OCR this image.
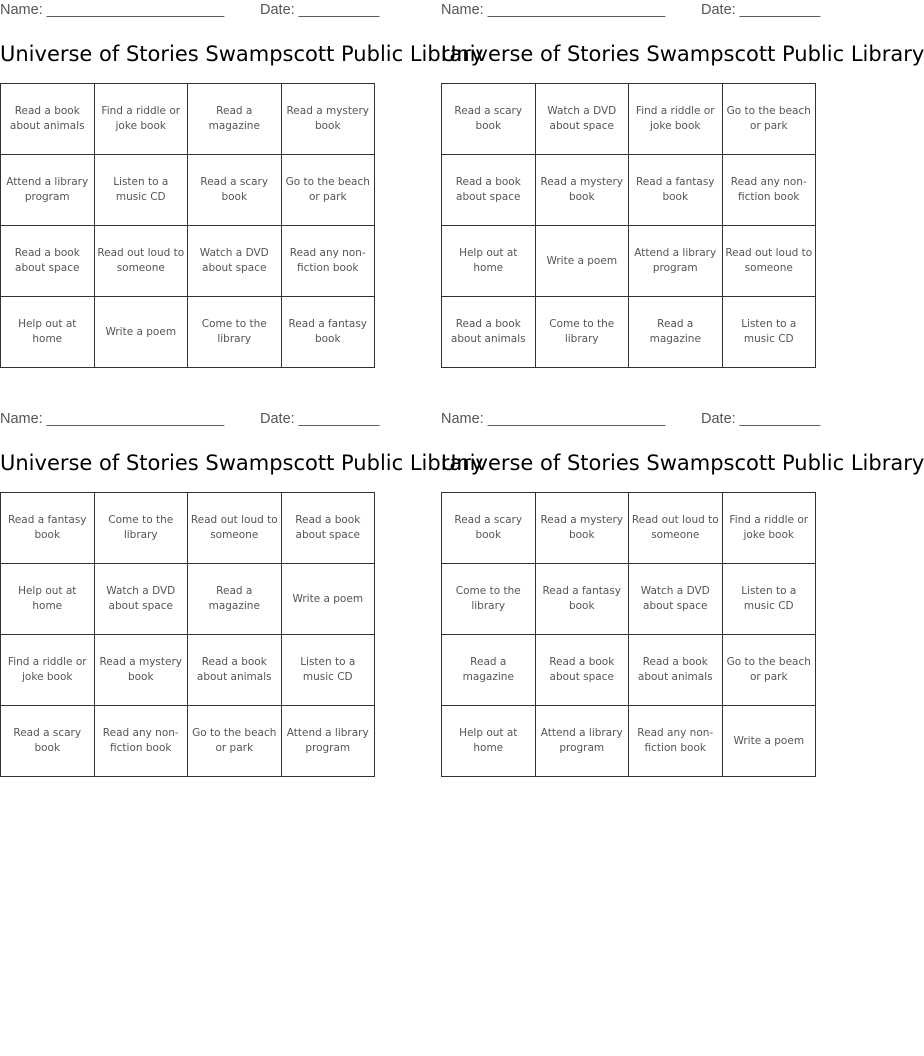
Name: ______________________ Date: __________
Universe of Stories Swampscott Public Library
Read a book about animals	Find a riddle or joke book	Read a magazine	Read a mystery book
Attend a library program	Listen to a music CD	Read a scary book	Go to the beach or park
Read a book about space	Read out loud to someone	Watch a DVD about space	Read any non-fiction book
Help out at home	Write a poem	Come to the library	Read a fantasy book
Name: ______________________ Date: __________
Universe of Stories Swampscott Public Library
Read a scary book	Watch a DVD about space	Find a riddle or joke book	Go to the beach or park
Read a book about space	Read a mystery book	Read a fantasy book	Read any non-fiction book
Help out at home	Write a poem	Attend a library program	Read out loud to someone
Read a book about animals	Come to the library	Read a magazine	Listen to a music CD
Name: ______________________ Date: __________
Universe of Stories Swampscott Public Library
Read a fantasy book	Come to the library	Read out loud to someone	Read a book about space
Help out at home	Watch a DVD about space	Read a magazine	Write a poem
Find a riddle or joke book	Read a mystery book	Read a book about animals	Listen to a music CD
Read a scary book	Read any non-fiction book	Go to the beach or park	Attend a library program
Name: ______________________ Date: __________
Universe of Stories Swampscott Public Library
Read a scary book	Read a mystery book	Read out loud to someone	Find a riddle or joke book
Come to the library	Read a fantasy book	Watch a DVD about space	Listen to a music CD
Read a magazine	Read a book about space	Read a book about animals	Go to the beach or park
Help out at home	Attend a library program	Read any non-fiction book	Write a poem
